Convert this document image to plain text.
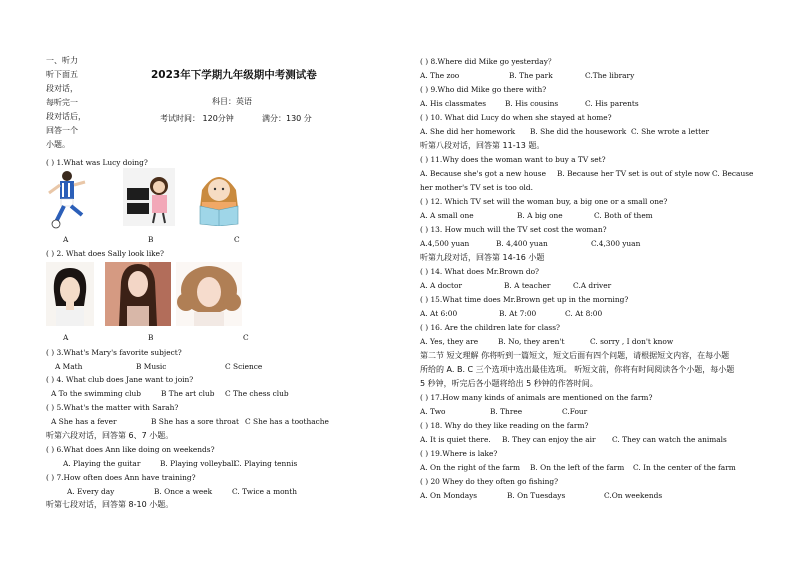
2023年下学期九年级期中考测试卷
科目：英语
考试时间： 120分钟	满分：130 分
一、听力
听下面五
段对话，
每听完一
段对话后，
回答一个
小题。
A	B	C
A	B	C
( ) 1.What was Lucy doing?
( ) 2. What does Sally look like?
( ) 3.What's Mary's favorite subject?
( ) 4. What club does Jane want to join?
( ) 5.What's the matter with Sarah?
听第六段对话，回答第 6、7 小题。
( ) 6.What does Ann like doing on weekends?
( ) 7.How often does Ann have training?
听第七段对话，回答第 8-10 小题。
A Math	B Music	C Science
A To the swimming club	B The art club C The chess club
A She has a fever	B She has a sore throat C She has a toothache
A. Playing the guitar	B. Playing volleyball
C. Playing tennis
A. Every day	B. Once a week	C. Twice a month
( ) 8.Where did Mike go yesterday？
A. The zoo	B. The park	C.The library
( ) 9.Who did Mike go there with?
A. His classmates	B. His cousins	C. His parents
( ) 10. What did Lucy do when she stayed at home?
A. She did her homework B. She did the housework C. She wrote a letter
听第八段对话，回答第 11-13 题。
( ) 11.Why does the woman want to buy a TV set?
A. Because she's got a new house B. Because her TV set is out of style now C. Because
her mother's TV set is too old.
( ) 12. Which TV set will the woman buy, a big one or a small one?
A. A small one	B. A big one	C. Both of them
( ) 13. How much will the TV set cost the woman?
A.4,500 yuan	B. 4,400 yuan	C.4,300 yuan
听第九段对话，回答第 14-16 小题
( ) 14. What does Mr.Brown do?
A. A doctor	B. A teacher	C.A driver
( ) 15.What time does Mr.Brown get up in the morning?
A. At 6:00	B. At 7:00	C. At 8:00
( ) 16. Are the children late for class?
A. Yes, they are	B. No, they aren't	C. sorry , I don't know
第二节 短文理解 你将听到一篇短文，短文后面有四个问题，请根据短文内容，在每小题
所给的 A. B. C 三个选项中选出最佳选项。 听短文前，你将有时间阅读各个小题，每小题
5 秒钟，听完后各小题将给出 5 秒钟的作答时间。
( ) 17.How many kinds of animals are mentioned on the farm?
A. Two	B. Three	C.Four
( ) 18. Why do they like reading on the farm?
A. It is quiet there. B. They can enjoy the air C. They can watch the animals
( ) 19.Where is lake?
A. On the right of the farm B. On the left of the farm C. In the center of the farm
( ) 20 Whey do they often go fishing?
A. On Mondays	B. On Tuesdays	C.On weekends
